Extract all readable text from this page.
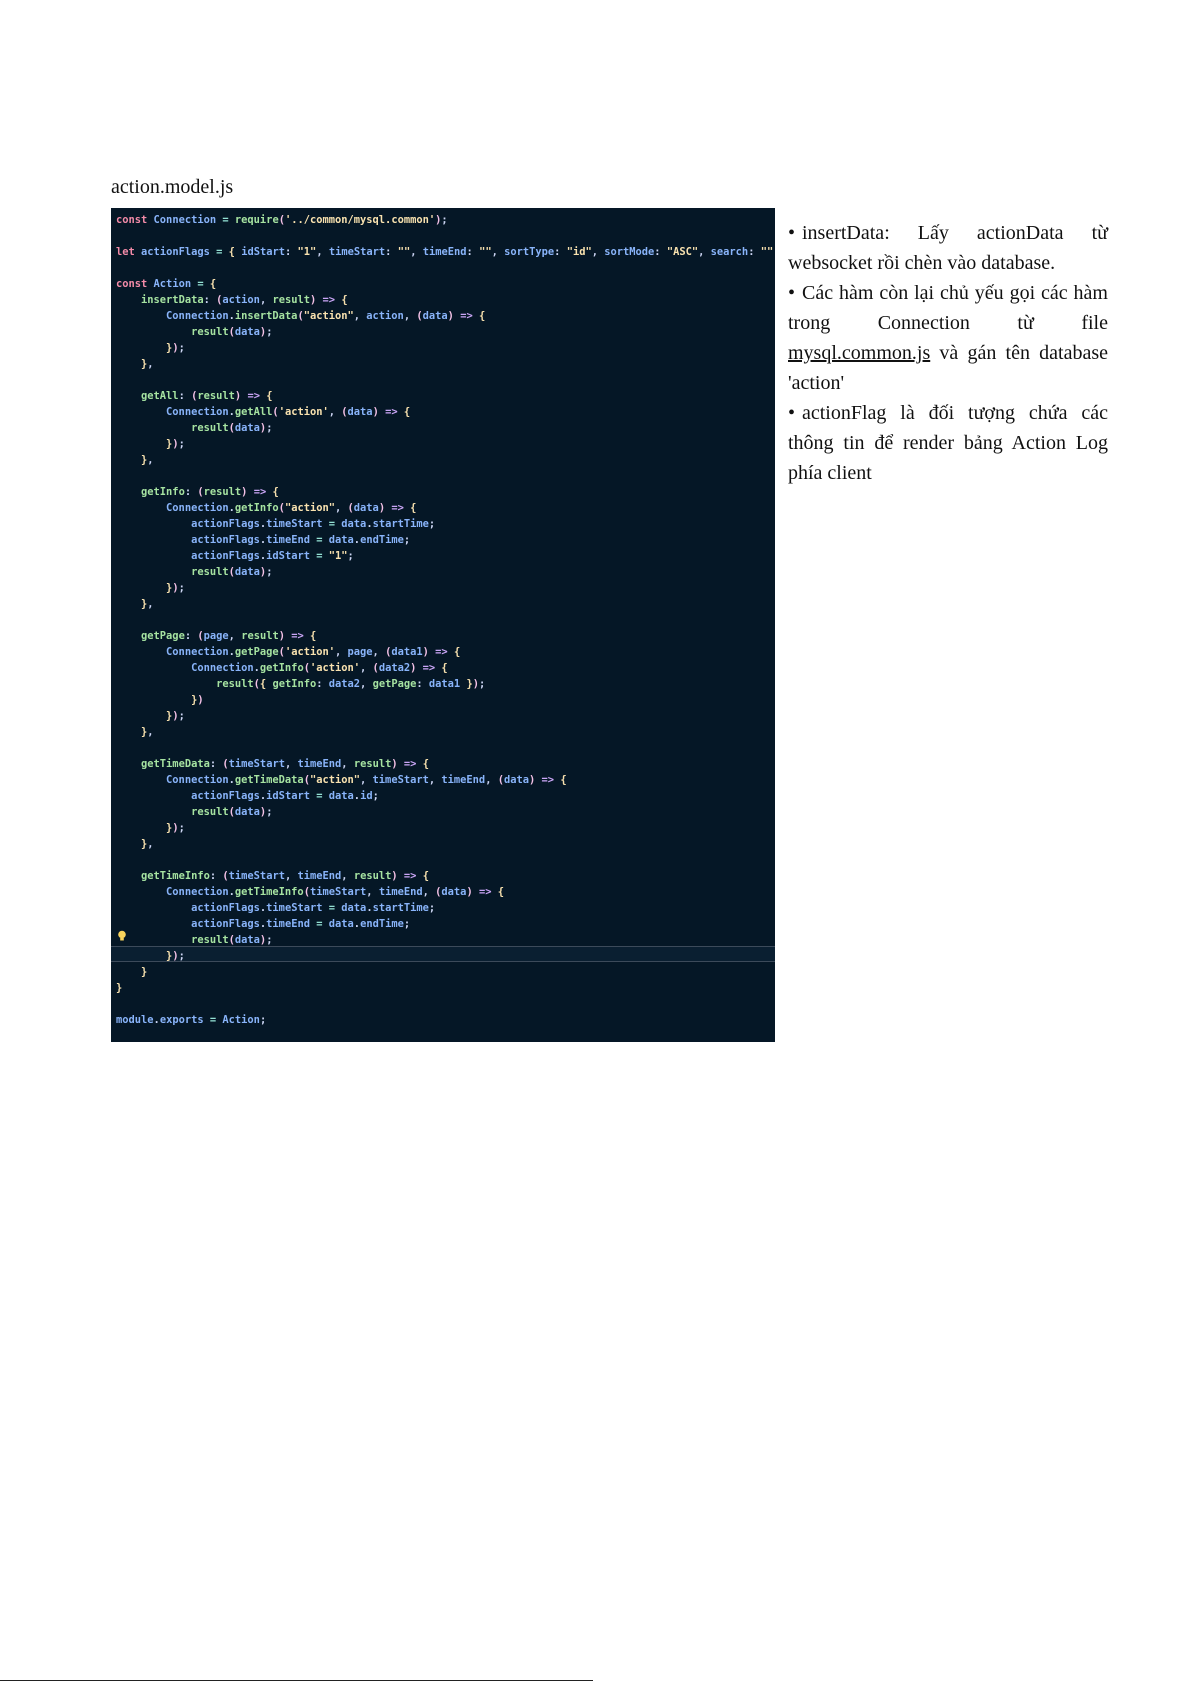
action.model.js
const Connection = require('../common/mysql.common');
let actionFlags = { idStart: "1", timeStart: "", timeEnd: "", sortType: "id", sortMode: "ASC", search: ""
const Action = {
insertData: (action, result) => {
Connection.insertData("action", action, (data) => {
result(data);
});
},
getAll: (result) => {
Connection.getAll('action', (data) => {
result(data);
});
},
getInfo: (result) => {
Connection.getInfo("action", (data) => {
actionFlags.timeStart = data.startTime;
actionFlags.timeEnd = data.endTime;
actionFlags.idStart = "1";
result(data);
});
},
getPage: (page, result) => {
Connection.getPage('action', page, (data1) => {
Connection.getInfo('action', (data2) => {
result({ getInfo: data2, getPage: data1 });
})
});
},
getTimeData: (timeStart, timeEnd, result) => {
Connection.getTimeData("action", timeStart, timeEnd, (data) => {
actionFlags.idStart = data.id;
result(data);
});
},
getTimeInfo: (timeStart, timeEnd, result) => {
Connection.getTimeInfo(timeStart, timeEnd, (data) => {
actionFlags.timeStart = data.startTime;
actionFlags.timeEnd = data.endTime;
result(data);
});
}
}
module.exports = Action;
• insertData: Lấy actionData từ websocket rồi chèn vào database.
• Các hàm còn lại chủ yếu gọi các hàm trong Connection từ file mysql.common.js và gán tên database 'action'
• actionFlag là đối tượng chứa các thông tin để render bảng Action Log phía client
